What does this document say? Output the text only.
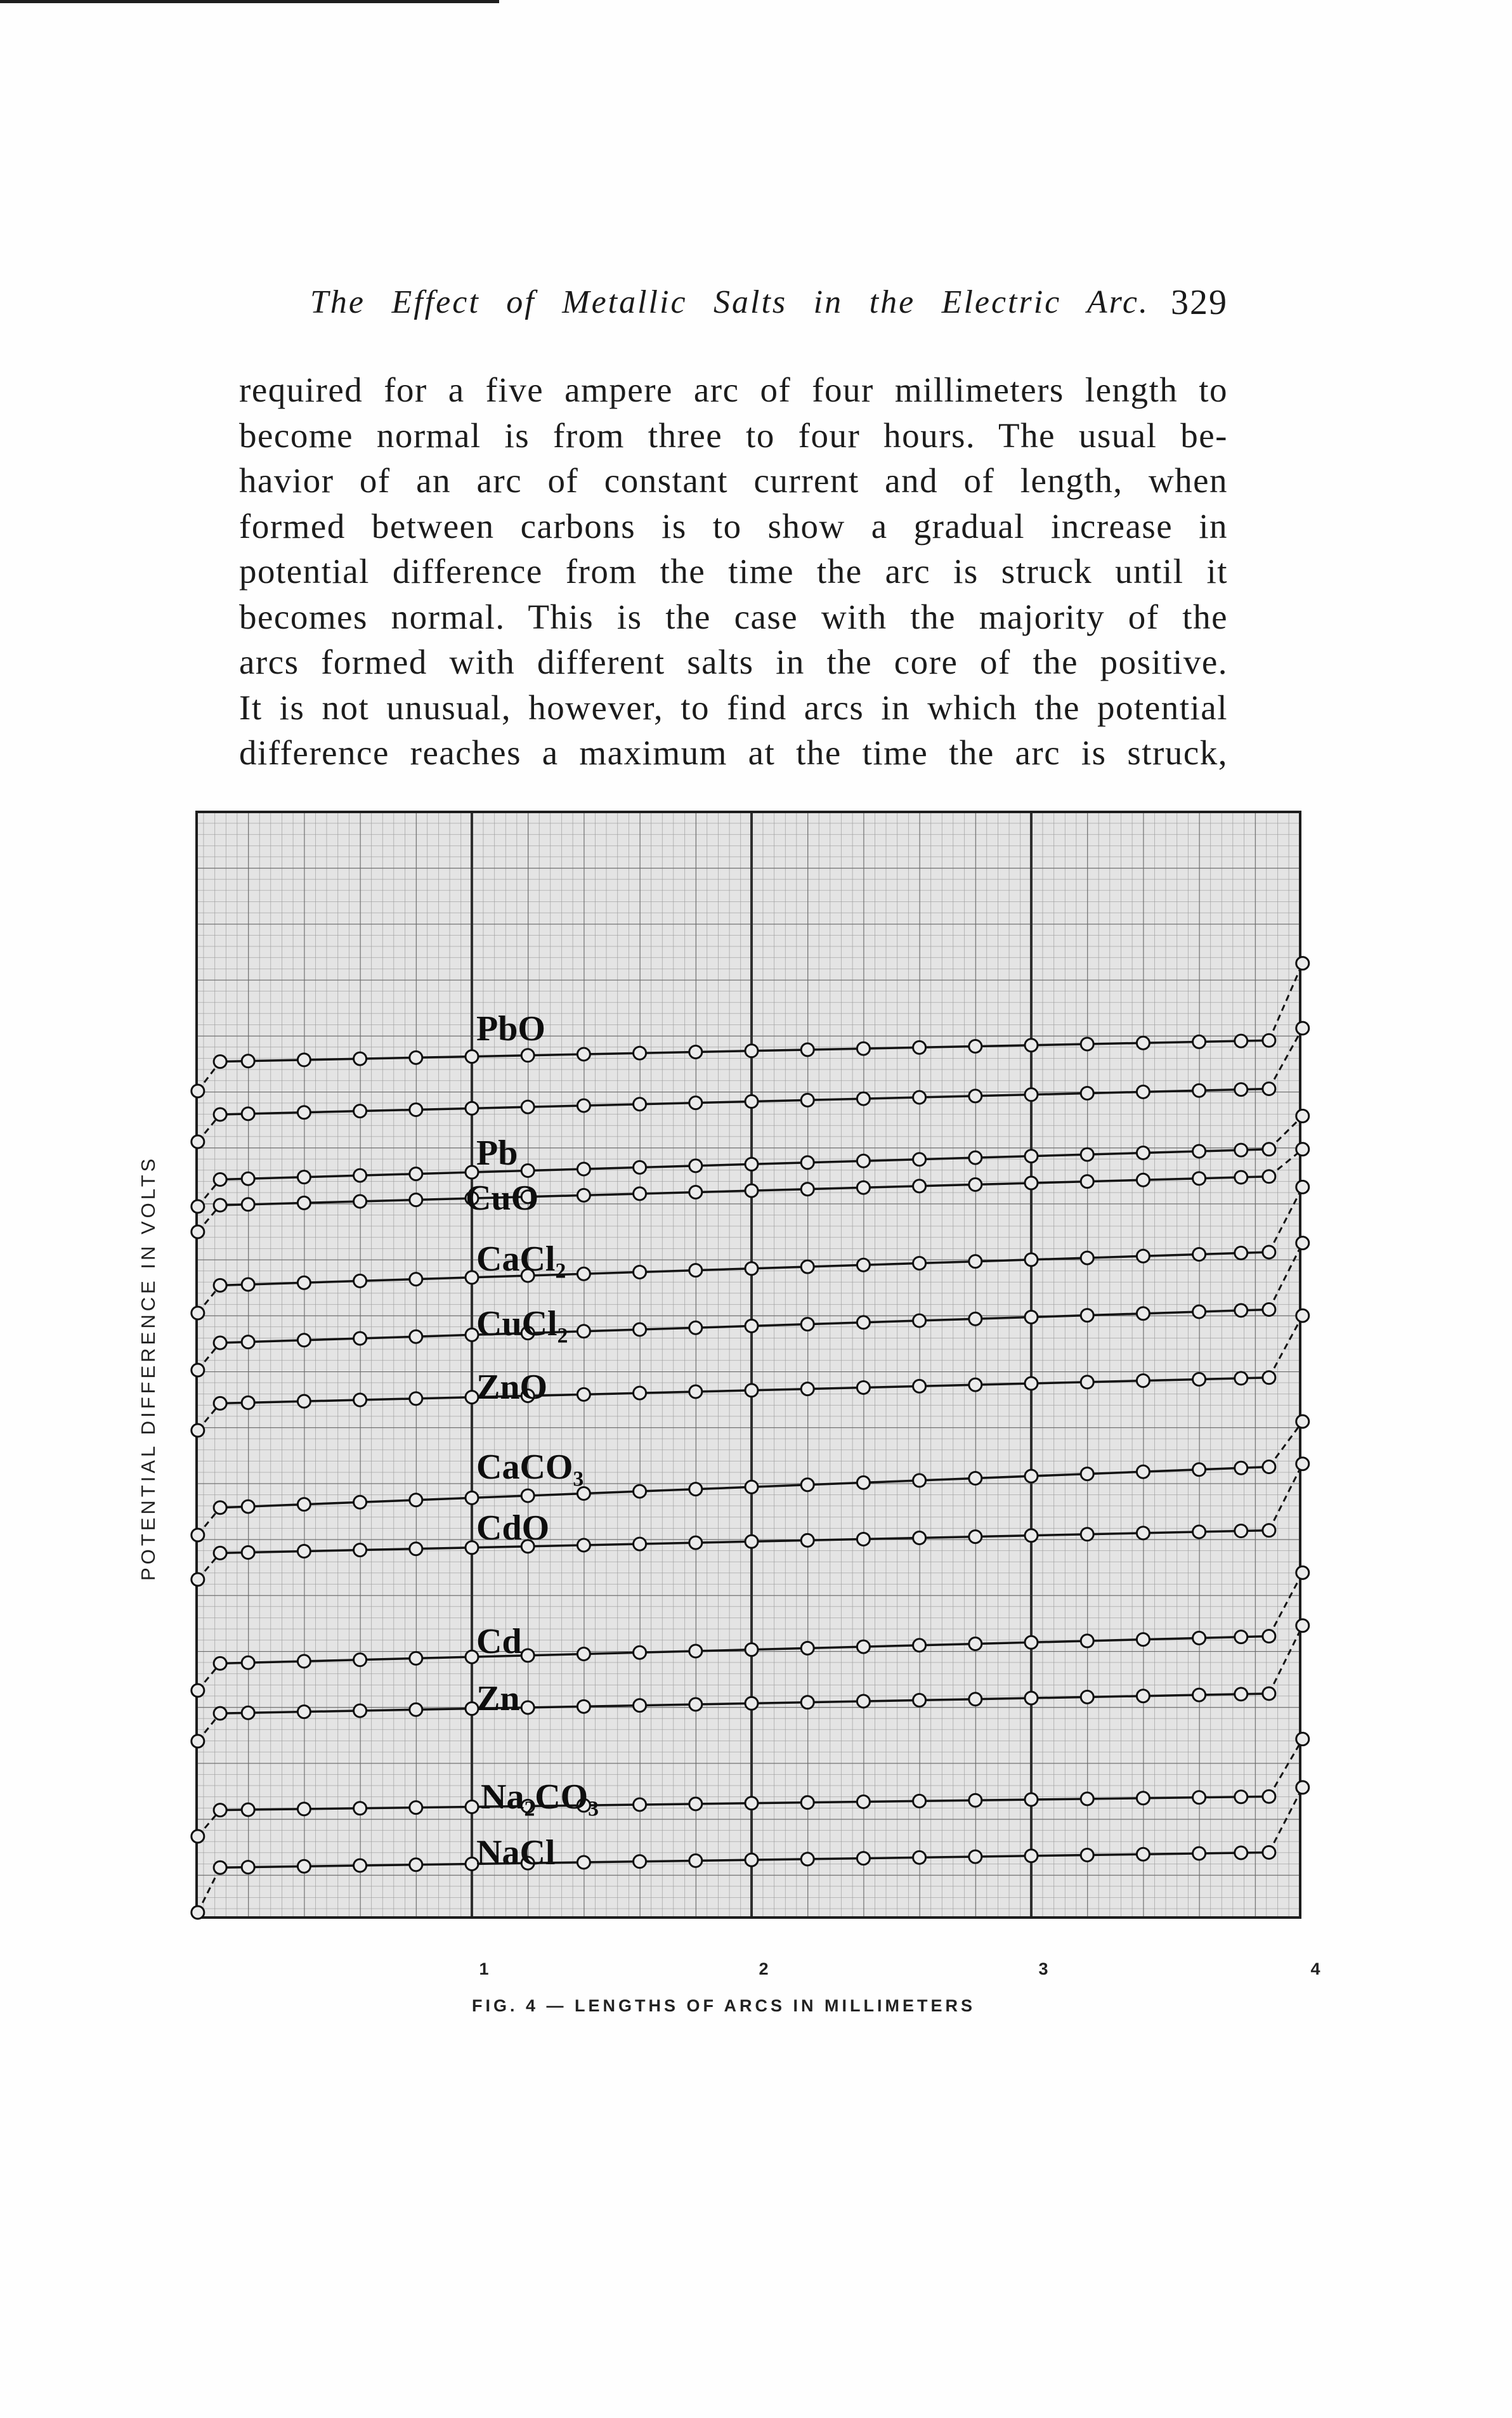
The Effect of Metallic Salts in the Electric Arc. 329
required for a five ampere arc of four millimeters length to
become normal is from three to four hours. The usual be-
havior of an arc of constant current and of length, when
formed between carbons is to show a gradual increase in
potential difference from the time the arc is struck until it
becomes normal. This is the case with the majority of the
arcs formed with different salts in the core of the positive.
It is not unusual, however, to find arcs in which the potential
difference reaches a maximum at the time the arc is struck,
POTENTIAL DIFFERENCE IN VOLTS
PbO
Pb
CuO
CaCl₂
CuCl₂
ZnO
CaCO₃
CdO
Cd
Zn
Na₂CO₃
NaCl
1	2	3	4
FIG. 4 — LENGTHS OF ARCS IN MILLIMETERS
